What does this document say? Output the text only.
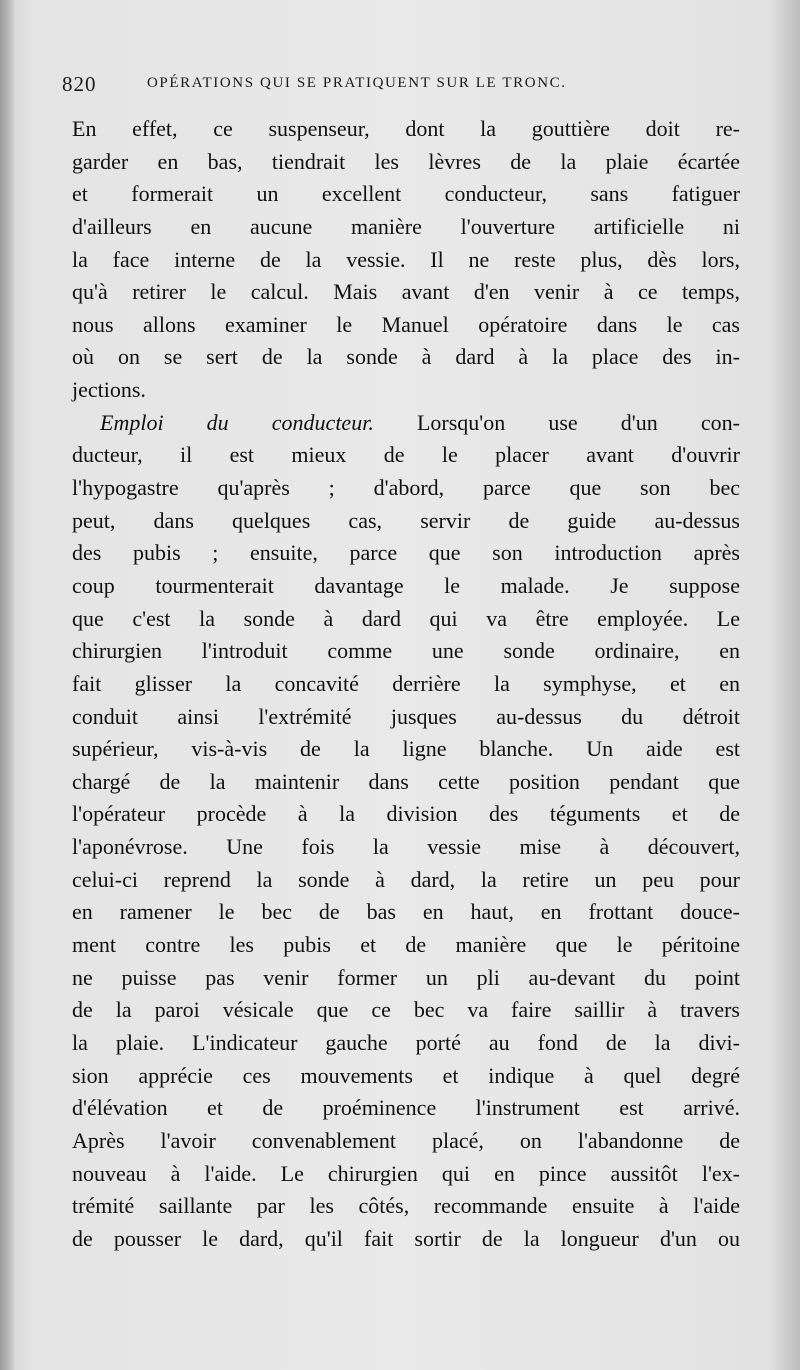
820	OPÉRATIONS QUI SE PRATIQUENT SUR LE TRONC.
En effet, ce suspenseur, dont la gouttière doit re-
garder en bas, tiendrait les lèvres de la plaie écartée
et formerait un excellent conducteur, sans fatiguer
d'ailleurs en aucune manière l'ouverture artificielle ni
la face interne de la vessie. Il ne reste plus, dès lors,
qu'à retirer le calcul. Mais avant d'en venir à ce temps,
nous allons examiner le Manuel opératoire dans le cas
où on se sert de la sonde à dard à la place des in-
jections.
Emploi du conducteur. Lorsqu'on use d'un con-
ducteur, il est mieux de le placer avant d'ouvrir
l'hypogastre qu'après ; d'abord, parce que son bec
peut, dans quelques cas, servir de guide au-dessus
des pubis ; ensuite, parce que son introduction après
coup tourmenterait davantage le malade. Je suppose
que c'est la sonde à dard qui va être employée. Le
chirurgien l'introduit comme une sonde ordinaire, en
fait glisser la concavité derrière la symphyse, et en
conduit ainsi l'extrémité jusques au-dessus du détroit
supérieur, vis-à-vis de la ligne blanche. Un aide est
chargé de la maintenir dans cette position pendant que
l'opérateur procède à la division des téguments et de
l'aponévrose. Une fois la vessie mise à découvert,
celui-ci reprend la sonde à dard, la retire un peu pour
en ramener le bec de bas en haut, en frottant douce-
ment contre les pubis et de manière que le péritoine
ne puisse pas venir former un pli au-devant du point
de la paroi vésicale que ce bec va faire saillir à travers
la plaie. L'indicateur gauche porté au fond de la divi-
sion apprécie ces mouvements et indique à quel degré
d'élévation et de proéminence l'instrument est arrivé.
Après l'avoir convenablement placé, on l'abandonne de
nouveau à l'aide. Le chirurgien qui en pince aussitôt l'ex-
trémité saillante par les côtés, recommande ensuite à l'aide
de pousser le dard, qu'il fait sortir de la longueur d'un ou
